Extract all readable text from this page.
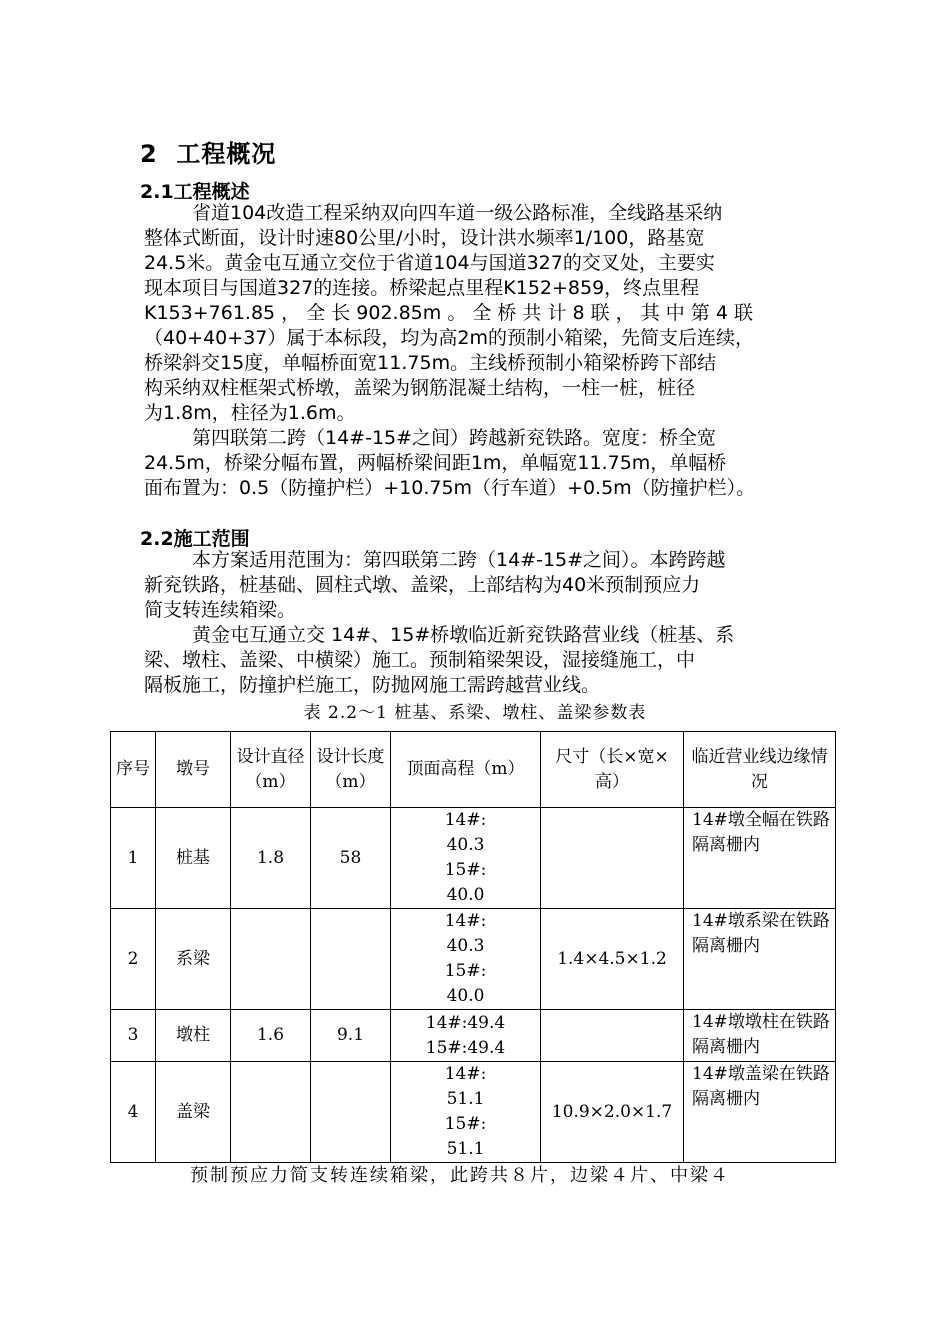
2 工程概况
2.1工程概述
省道104改造工程采纳双向四车道一级公路标准，全线路基采纳
整体式断面，设计时速80公里/小时，设计洪水频率1/100，路基宽
24.5米。黄金屯互通立交位于省道104与国道327的交叉处，主要实
现本项目与国道327的连接。桥梁起点里程K152+859，终点里程
K153+761.85 ， 全 长 902.85m 。 全 桥 共 计 8 联 ， 其 中 第 4 联
（40+40+37）属于本标段，均为高2m的预制小箱梁，先简支后连续，
桥梁斜交15度，单幅桥面宽11.75m。主线桥预制小箱梁桥跨下部结
构采纳双柱框架式桥墩，盖梁为钢筋混凝土结构，一柱一桩，桩径
为1.8m，柱径为1.6m。
第四联第二跨（14#-15#之间）跨越新兖铁路。宽度：桥全宽
24.5m，桥梁分幅布置，两幅桥梁间距1m，单幅宽11.75m，单幅桥
面布置为：0.5（防撞护栏）+10.75m（行车道）+0.5m（防撞护栏）。
2.2施工范围
本方案适用范围为：第四联第二跨（14#-15#之间）。本跨跨越
新兖铁路，桩基础、圆柱式墩、盖梁，上部结构为40米预制预应力
简支转连续箱梁。
黄金屯互通立交 14#、15#桥墩临近新兖铁路营业线（桩基、系
梁、墩柱、盖梁、中横梁）施工。预制箱梁架设，湿接缝施工，中
隔板施工，防撞护栏施工，防抛网施工需跨越营业线。
表 2.2～1 桩基、系梁、墩柱、盖梁参数表
序号	墩号	设计直径（m）	设计长度（m）	顶面高程（m）	尺寸（长×宽×高）	临近营业线边缘情况
1	桩基	1.8	58	14#:
40.3
15#:
40.0		14#墩全幅在铁路隔离栅内
2	系梁			14#:
40.3
15#:
40.0	1.4×4.5×1.2	14#墩系梁在铁路隔离栅内
3	墩柱	1.6	9.1	14#:49.4
15#:49.4		14#墩墩柱在铁路隔离栅内
4	盖梁			14#:
51.1
15#:
51.1	10.9×2.0×1.7	14#墩盖梁在铁路隔离栅内
预制预应力简支转连续箱梁，此跨共８片，边梁４片、中梁４
